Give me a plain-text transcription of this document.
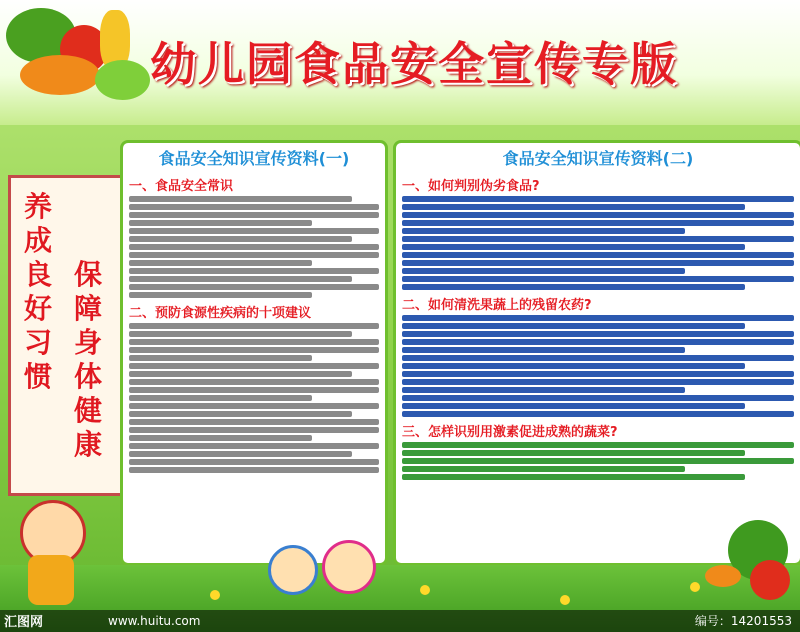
幼儿园食品安全宣传专版
养成良好习惯
保障身体健康
食品安全知识宣传资料(一)
一、食品安全常识
二、预防食源性疾病的十项建议
食品安全知识宣传资料(二)
一、如何判别伪劣食品?
二、如何清洗果蔬上的残留农药?
三、怎样识别用激素促进成熟的蔬菜?
汇图网	www.huitu.com	编号：14201553
